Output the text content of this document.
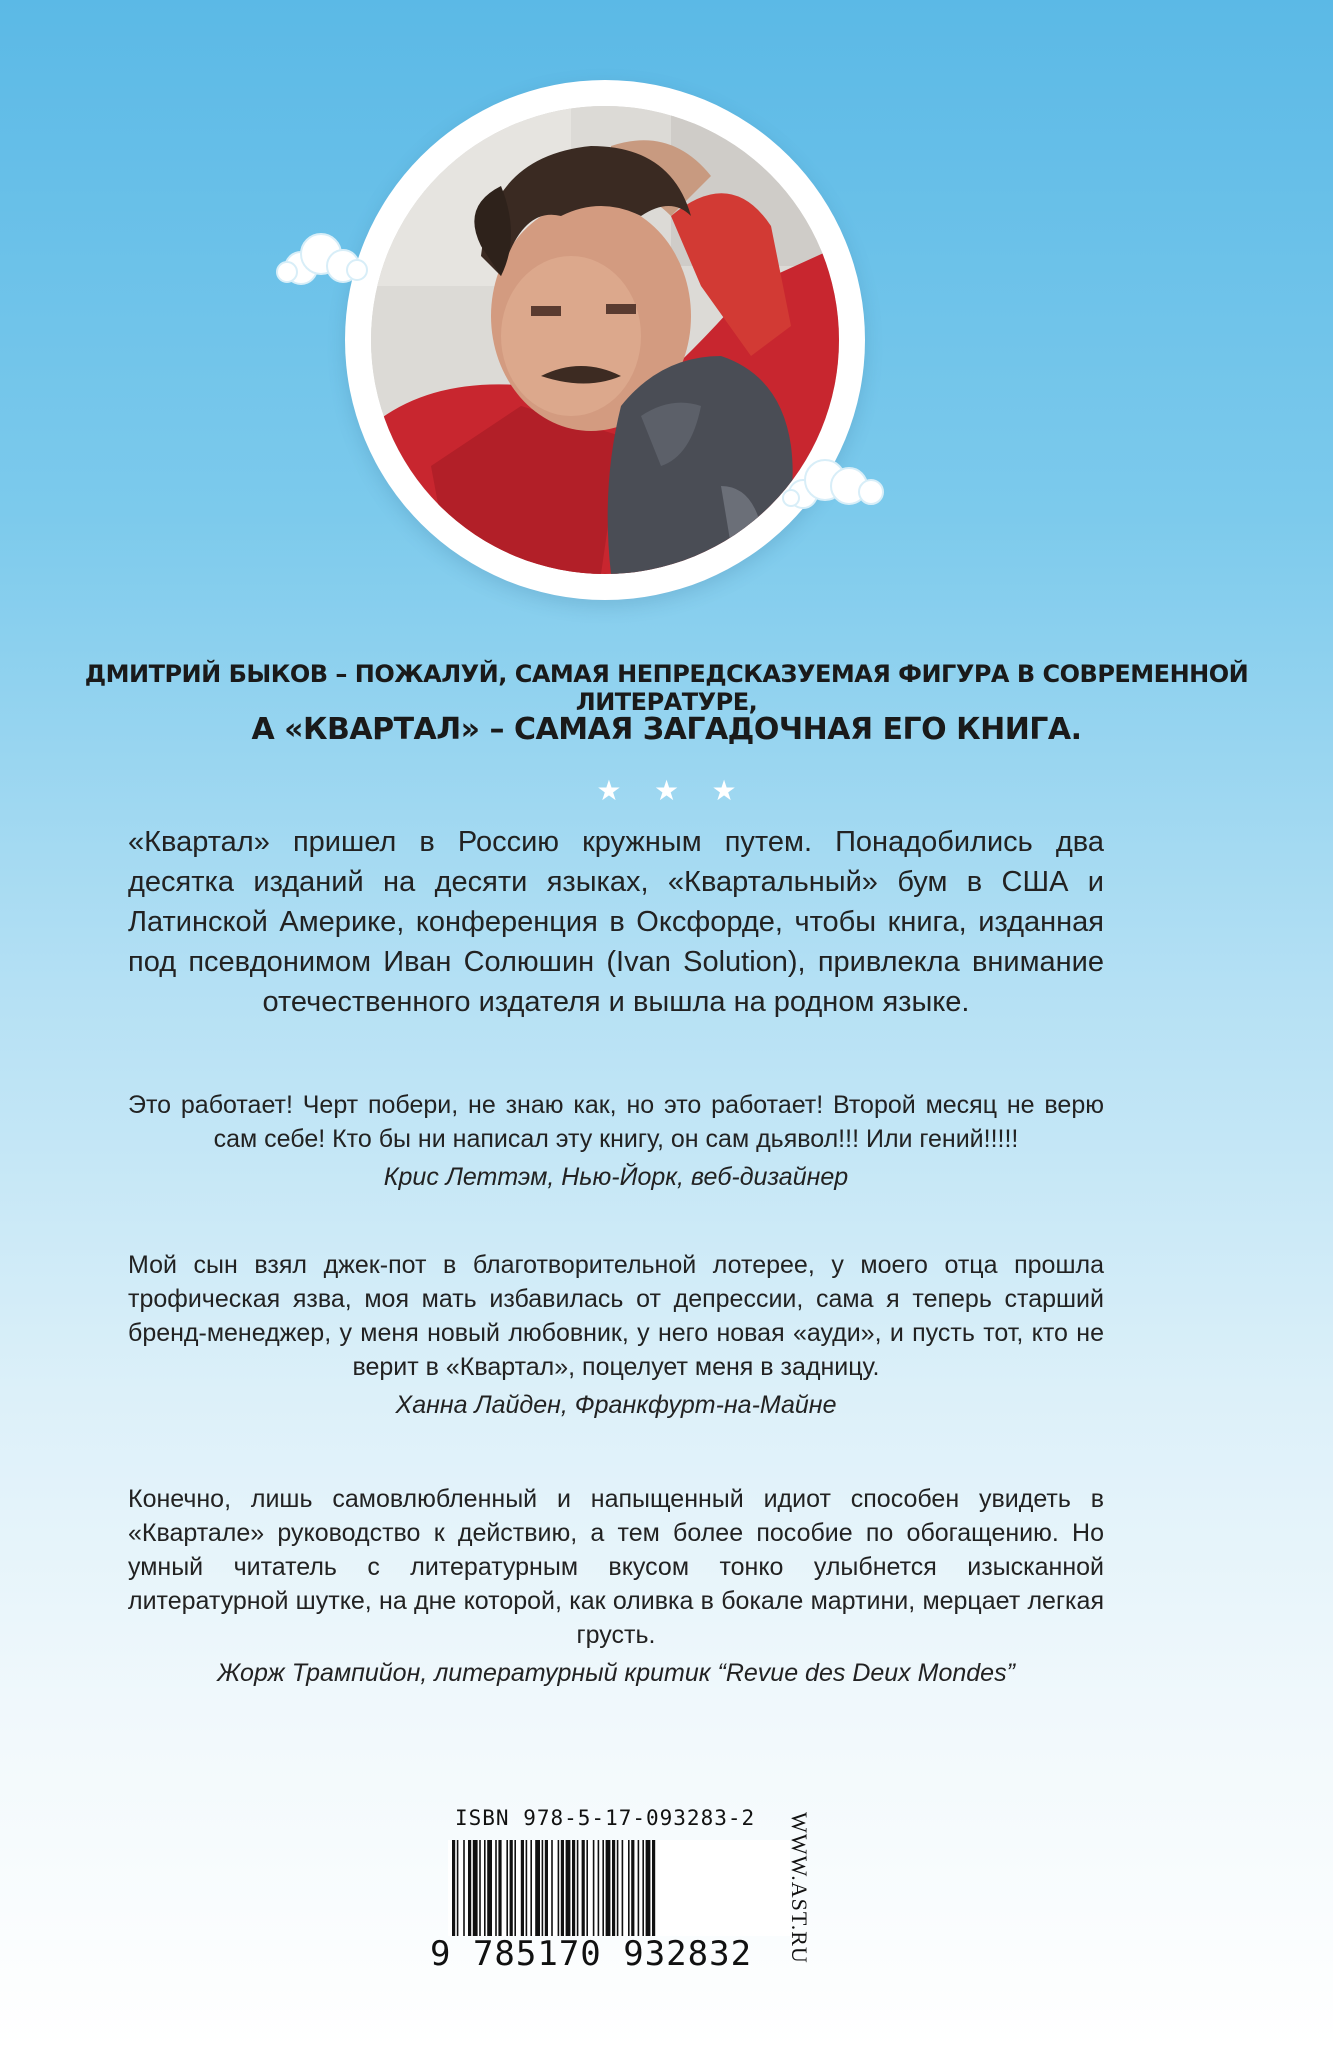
ДМИТРИЙ БЫКОВ – ПОЖАЛУЙ, САМАЯ НЕПРЕДСКАЗУЕМАЯ ФИГУРА В СОВРЕМЕННОЙ ЛИТЕРАТУРЕ,
А «КВАРТАЛ» – САМАЯ ЗАГАДОЧНАЯ ЕГО КНИГА.
★ ★ ★
«Квартал» пришел в Россию кружным путем. Понадобились два десятка изданий на десяти языках, «Квартальный» бум в США и Латинской Америке, конференция в Оксфорде, чтобы книга, изданная под псевдонимом Иван Солюшин (Ivan Solution), привлекла внимание отечественного издателя и вышла на родном языке.
Это работает! Черт побери, не знаю как, но это работает! Второй месяц не верю сам себе! Кто бы ни написал эту книгу, он сам дьявол!!! Или гений!!!!!
Крис Леттэм, Нью-Йорк, веб-дизайнер
Мой сын взял джек-пот в благотворительной лотерее, у моего отца прошла трофическая язва, моя мать избавилась от депрессии, сама я теперь старший бренд-менеджер, у меня новый любовник, у него новая «ауди», и пусть тот, кто не верит в «Квартал», поцелует меня в задницу.
Ханна Лайден, Франкфурт-на-Майне
Конечно, лишь самовлюбленный и напыщенный идиот способен увидеть в «Квартале» руководство к действию, а тем более пособие по обогащению. Но умный читатель с литературным вкусом тонко улыбнется изысканной литературной шутке, на дне которой, как оливка в бокале мартини, мерцает легкая грусть.
Жорж Трампийон, литературный критик “Revue des Deux Mondes”
ISBN 978-5-17-093283-2
9 785170 932832 WWW.AST.RU
